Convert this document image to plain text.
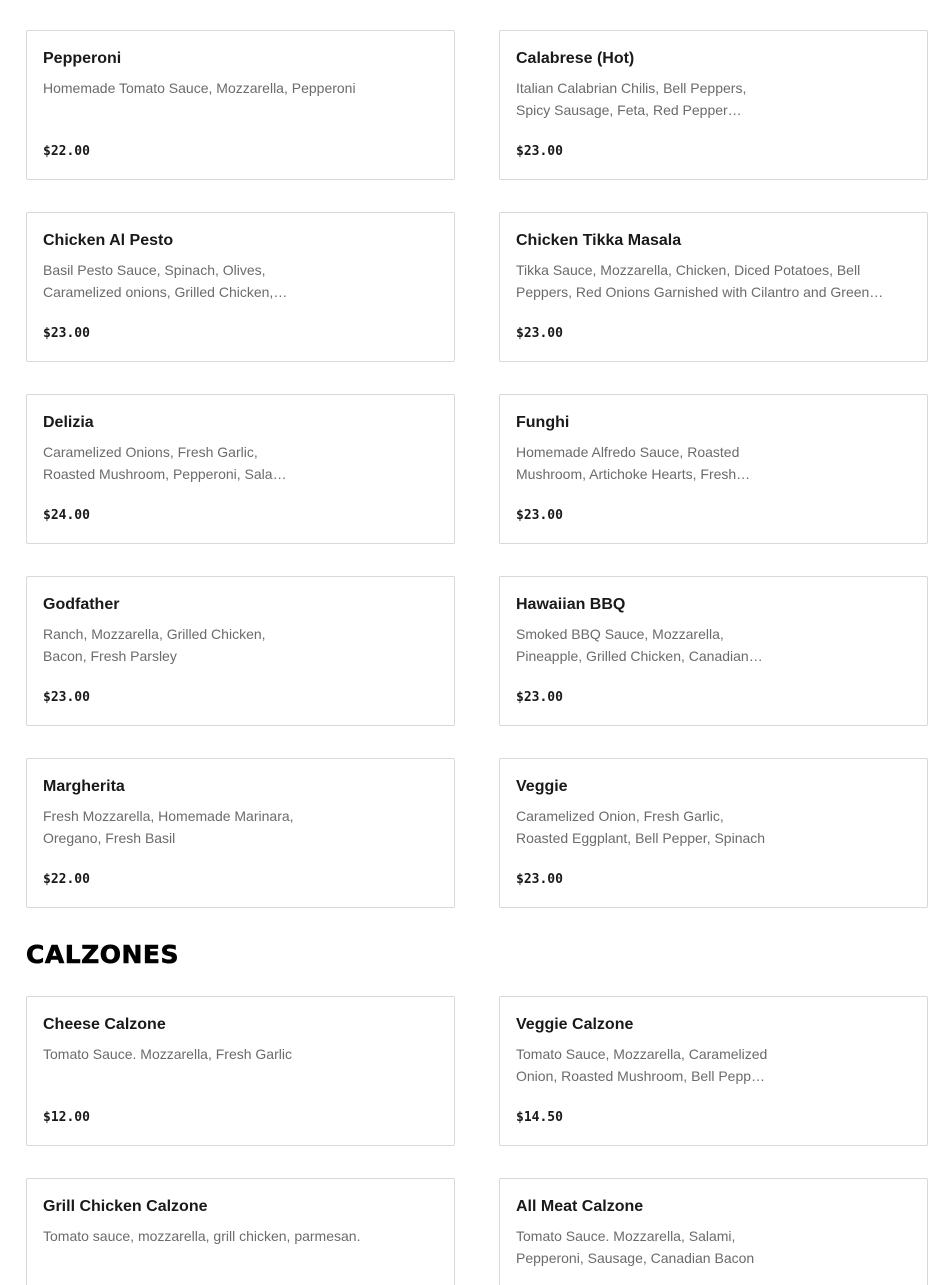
Pepperoni
Homemade Tomato Sauce, Mozzarella, Pepperoni
$22.00
Calabrese (Hot)
Italian Calabrian Chilis, Bell Peppers, Spicy Sausage, Feta, Red Pepper…
$23.00
Chicken Al Pesto
Basil Pesto Sauce, Spinach, Olives, Caramelized onions, Grilled Chicken,…
$23.00
Chicken Tikka Masala
Tikka Sauce, Mozzarella, Chicken, Diced Potatoes, Bell Peppers, Red Onions Garnished with Cilantro and Green…
$23.00
Delizia
Caramelized Onions, Fresh Garlic, Roasted Mushroom, Pepperoni, Sala…
$24.00
Funghi
Homemade Alfredo Sauce, Roasted Mushroom, Artichoke Hearts, Fresh…
$23.00
Godfather
Ranch, Mozzarella, Grilled Chicken, Bacon, Fresh Parsley
$23.00
Hawaiian BBQ
Smoked BBQ Sauce, Mozzarella, Pineapple, Grilled Chicken, Canadian…
$23.00
Margherita
Fresh Mozzarella, Homemade Marinara, Oregano, Fresh Basil
$22.00
Veggie
Caramelized Onion, Fresh Garlic, Roasted Eggplant, Bell Pepper, Spinach
$23.00
CALZONES
Cheese Calzone
Tomato Sauce. Mozzarella, Fresh Garlic
$12.00
Veggie Calzone
Tomato Sauce, Mozzarella, Caramelized Onion, Roasted Mushroom, Bell Pepp…
$14.50
Grill Chicken Calzone
Tomato sauce, mozzarella, grill chicken, parmesan.
All Meat Calzone
Tomato Sauce. Mozzarella, Salami, Pepperoni, Sausage, Canadian Bacon
